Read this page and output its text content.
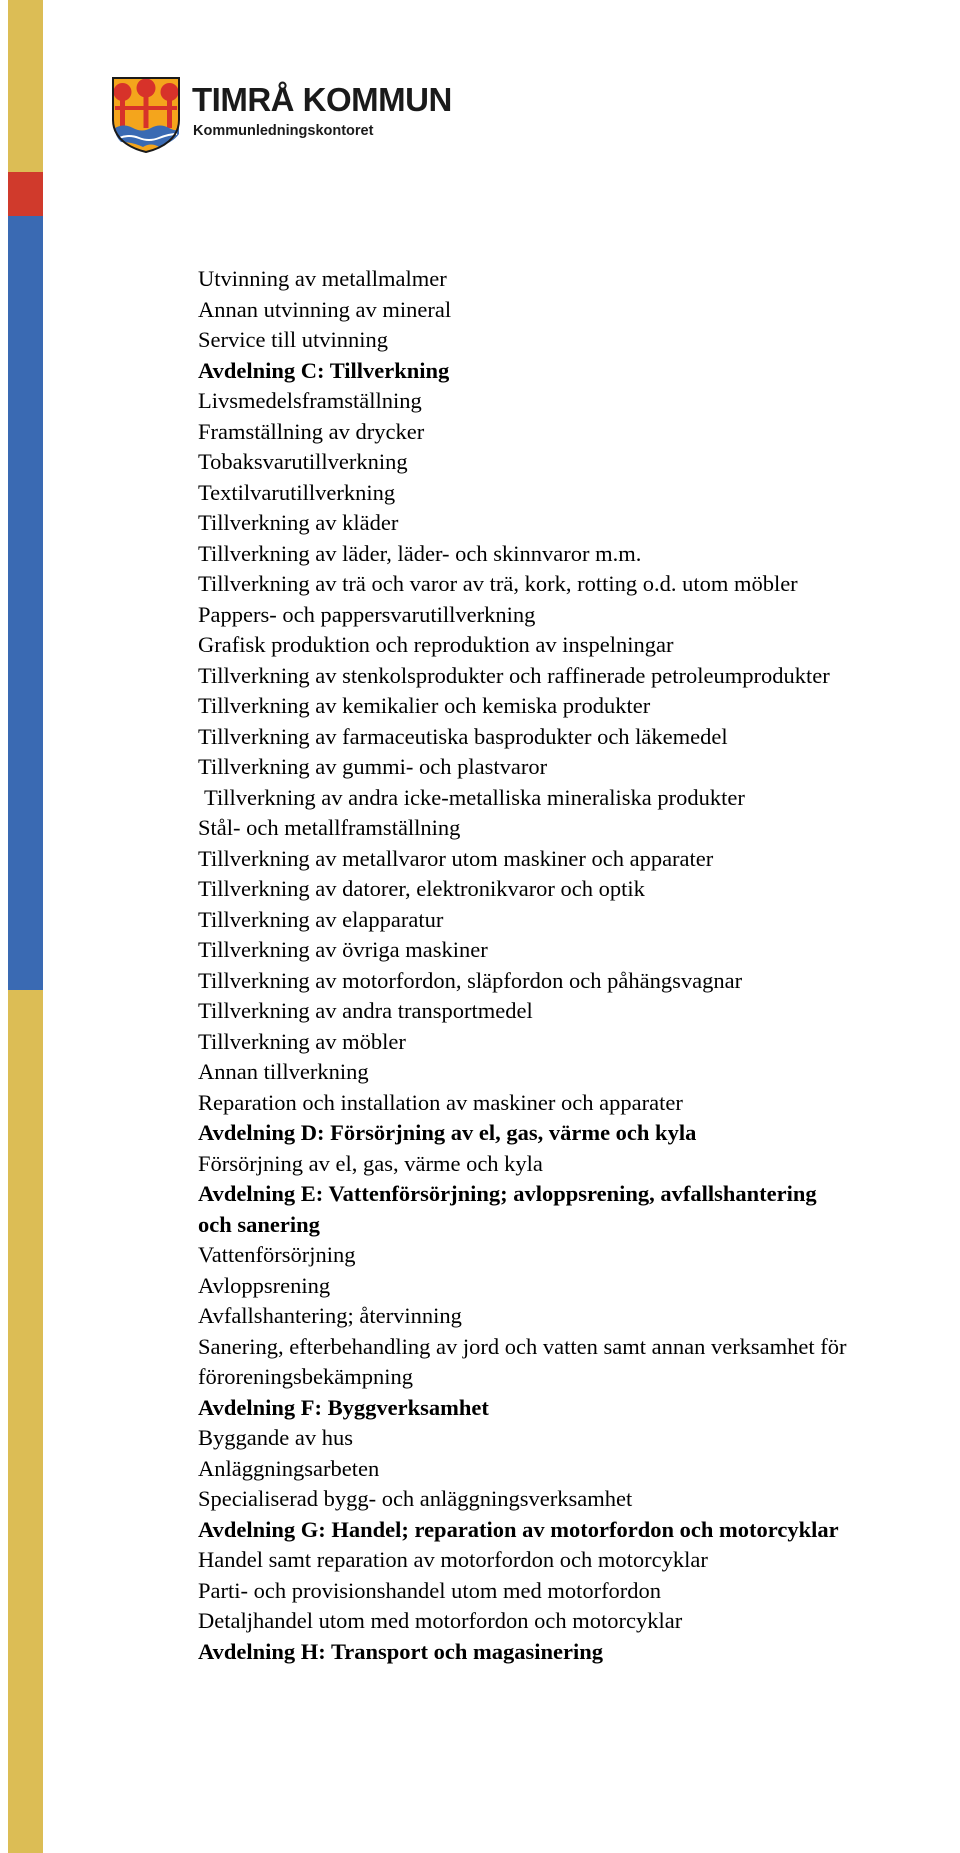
TIMRÅ KOMMUN
Kommunledningskontoret
Utvinning av metallmalmer
Annan utvinning av mineral
Service till utvinning
Avdelning C: Tillverkning
Livsmedelsframställning
Framställning av drycker
Tobaksvarutillverkning
Textilvarutillverkning
Tillverkning av kläder
Tillverkning av läder, läder- och skinnvaror m.m.
Tillverkning av trä och varor av trä, kork, rotting o.d. utom möbler
Pappers- och pappersvarutillverkning
Grafisk produktion och reproduktion av inspelningar
Tillverkning av stenkolsprodukter och raffinerade petroleumprodukter
Tillverkning av kemikalier och kemiska produkter
Tillverkning av farmaceutiska basprodukter och läkemedel
Tillverkning av gummi- och plastvaror
Tillverkning av andra icke-metalliska mineraliska produkter
Stål- och metallframställning
Tillverkning av metallvaror utom maskiner och apparater
Tillverkning av datorer, elektronikvaror och optik
Tillverkning av elapparatur
Tillverkning av övriga maskiner
Tillverkning av motorfordon, släpfordon och påhängsvagnar
Tillverkning av andra transportmedel
Tillverkning av möbler
Annan tillverkning
Reparation och installation av maskiner och apparater
Avdelning D: Försörjning av el, gas, värme och kyla
Försörjning av el, gas, värme och kyla
Avdelning E: Vattenförsörjning; avloppsrening, avfallshantering
och sanering
Vattenförsörjning
Avloppsrening
Avfallshantering; återvinning
Sanering, efterbehandling av jord och vatten samt annan verksamhet för
föroreningsbekämpning
Avdelning F: Byggverksamhet
Byggande av hus
Anläggningsarbeten
Specialiserad bygg- och anläggningsverksamhet
Avdelning G: Handel; reparation av motorfordon och motorcyklar
Handel samt reparation av motorfordon och motorcyklar
Parti- och provisionshandel utom med motorfordon
Detaljhandel utom med motorfordon och motorcyklar
Avdelning H: Transport och magasinering
